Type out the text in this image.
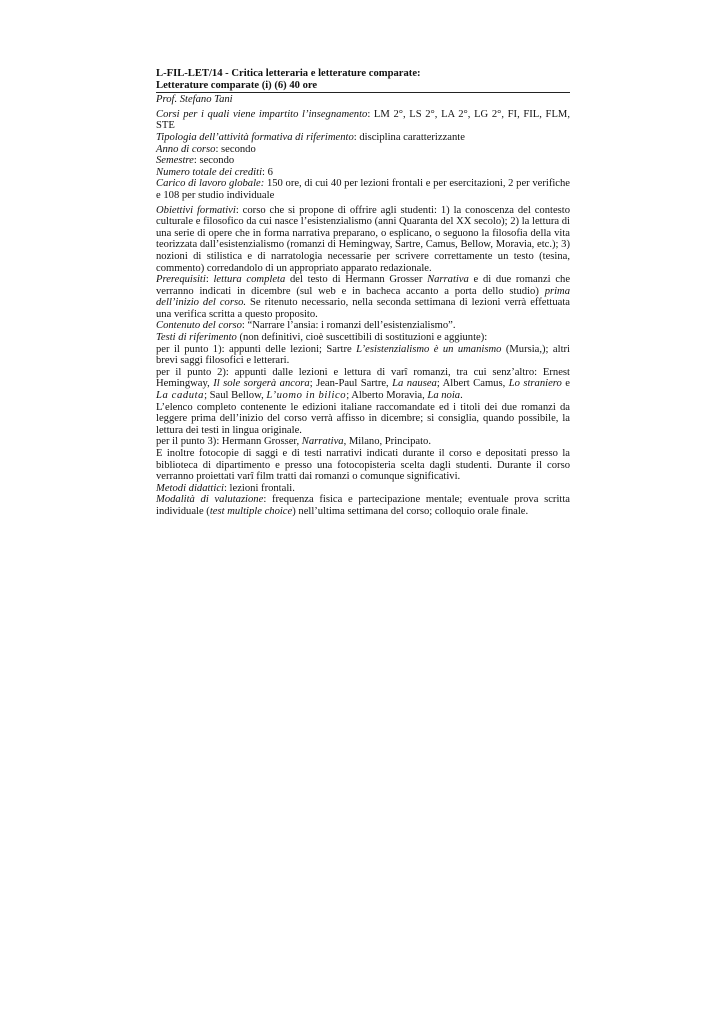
L-FIL-LET/14 - Critica letteraria e letterature comparate:

Letterature comparate (i) (6) 40 ore

Prof. Stefano Tani

Corsi per i quali viene impartito l’insegnamento: LM 2°, LS 2°, LA 2°, LG 2°, FI, FIL, FLM, STE

Tipologia dell’attività formativa di riferimento: disciplina caratterizzante

Anno di corso: secondo

Semestre: secondo

Numero totale dei crediti: 6

Carico di lavoro globale: 150 ore, di cui 40 per lezioni frontali e per esercitazioni, 2 per verifiche e 108 per studio individuale

Obiettivi formativi: corso che si propone di offrire agli studenti: 1) la conoscenza del contesto culturale e filosofico da cui nasce l’esistenzialismo (anni Quaranta del XX secolo); 2) la lettura di una serie di opere che in forma narrativa preparano, o esplicano, o seguono la filosofia della vita teorizzata dall’esistenzialismo (romanzi di Hemingway, Sartre, Camus, Bellow, Moravia, etc.); 3) nozioni di stilistica e di narratologia necessarie per scrivere correttamente un testo (tesina, commento) corredandolo di un appropriato apparato redazionale.

Prerequisiti: lettura completa del testo di Hermann Grosser Narrativa e di due romanzi che verranno indicati in dicembre (sul web e in bacheca accanto a porta dello studio) prima dell’inizio del corso. Se ritenuto necessario, nella seconda settimana di lezioni verrà effettuata una verifica scritta a questo proposito.

Contenuto del corso: “Narrare l’ansia: i romanzi dell’esistenzialismo”.

Testi di riferimento (non definitivi, cioè suscettibili di sostituzioni e aggiunte):

per il punto 1): appunti delle lezioni; Sartre L’esistenzialismo è un umanismo (Mursia,); altri brevi saggi filosofici e letterari.

per il punto 2): appunti dalle lezioni e lettura di varî romanzi, tra cui senz’altro: Ernest Hemingway, Il sole sorgerà ancora; Jean-Paul Sartre, La nausea; Albert Camus, Lo straniero e La caduta; Saul Bellow, L’uomo in bilico; Alberto Moravia, La noia.

L’elenco completo contenente le edizioni italiane raccomandate ed i titoli dei due romanzi da leggere prima dell’inizio del corso verrà affisso in dicembre; si consiglia, quando possibile, la lettura dei testi in lingua originale.

per il punto 3): Hermann Grosser, Narrativa, Milano, Principato.

E inoltre fotocopie di saggi e di testi narrativi indicati durante il corso e depositati presso la biblioteca di dipartimento e presso una fotocopisteria scelta dagli studenti. Durante il corso verranno proiettati varî film tratti dai romanzi o comunque significativi.

Metodi didattici: lezioni frontali.

Modalità di valutazione: frequenza fisica e partecipazione mentale; eventuale prova scritta individuale (test multiple choice) nell’ultima settimana del corso; colloquio orale finale.
